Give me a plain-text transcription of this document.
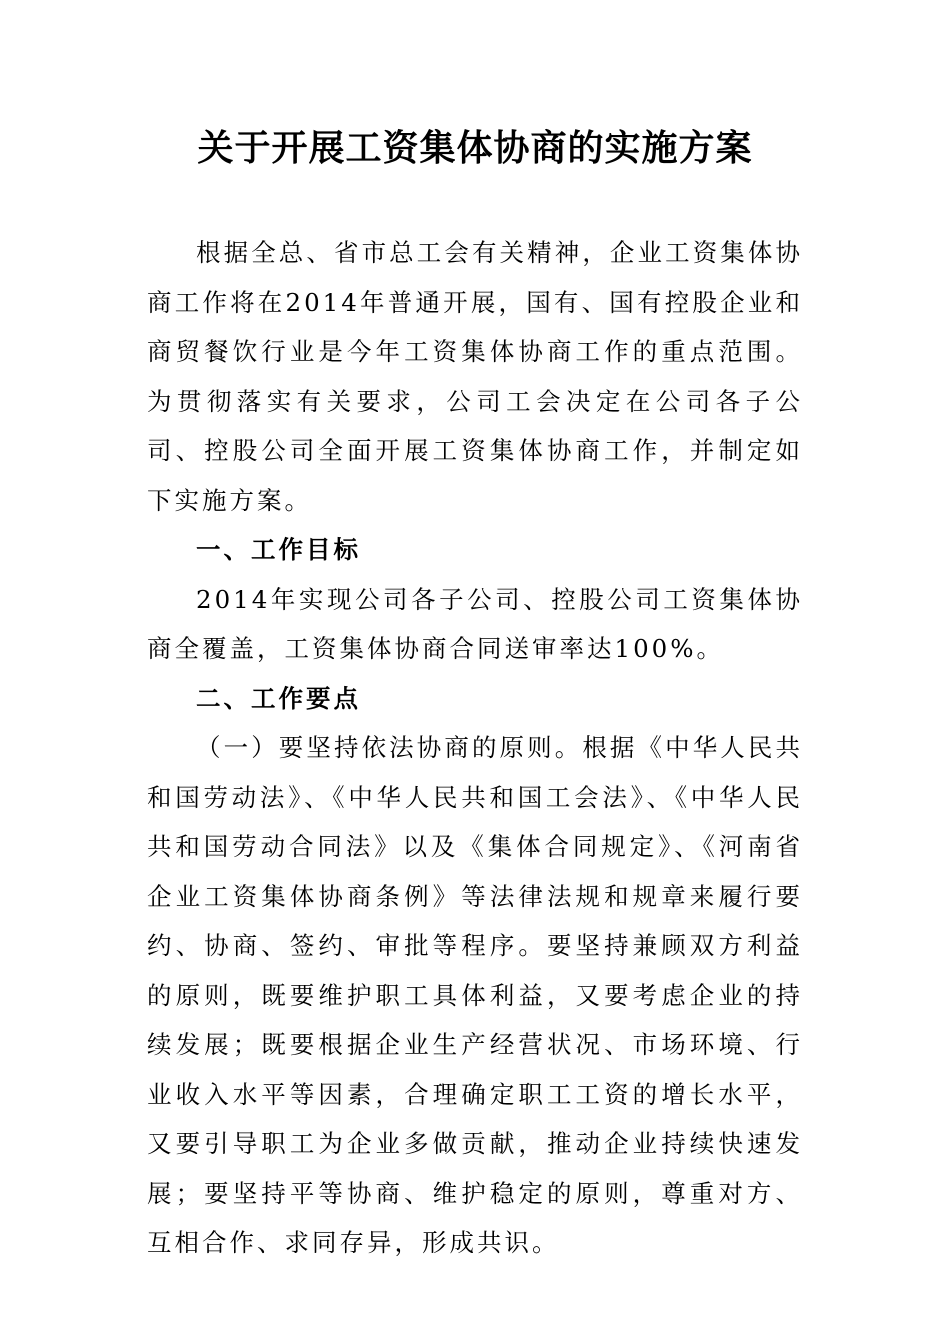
关于开展工资集体协商的实施方案

根据全总、省市总工会有关精神，企业工资集体协商工作将在2014年普通开展，国有、国有控股企业和商贸餐饮行业是今年工资集体协商工作的重点范围。为贯彻落实有关要求，公司工会决定在公司各子公司、控股公司全面开展工资集体协商工作，并制定如下实施方案。

一、工作目标

2014年实现公司各子公司、控股公司工资集体协商全覆盖，工资集体协商合同送审率达100%。

二、工作要点

（一）要坚持依法协商的原则。根据《中华人民共和国劳动法》、《中华人民共和国工会法》、《中华人民共和国劳动合同法》以及《集体合同规定》、《河南省企业工资集体协商条例》等法律法规和规章来履行要约、协商、签约、审批等程序。要坚持兼顾双方利益的原则，既要维护职工具体利益，又要考虑企业的持续发展；既要根据企业生产经营状况、市场环境、行业收入水平等因素，合理确定职工工资的增长水平，又要引导职工为企业多做贡献，推动企业持续快速发展；要坚持平等协商、维护稳定的原则，尊重对方、互相合作、求同存异，形成共识。
